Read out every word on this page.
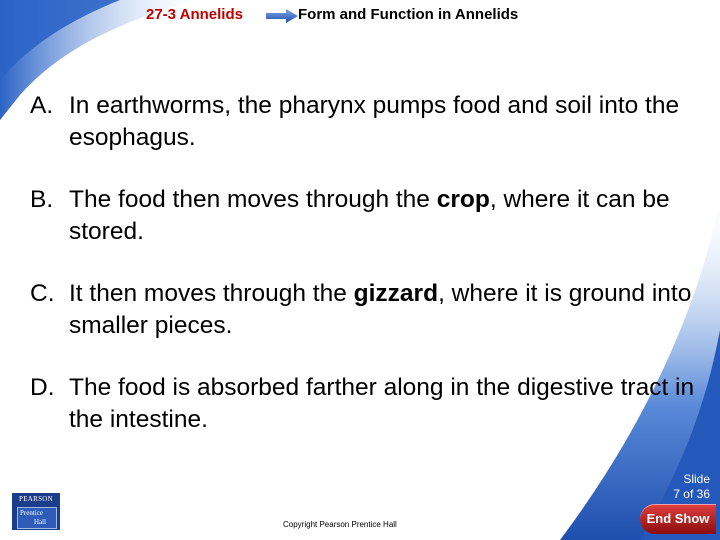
27-3 Annelids	Form and Function in Annelids
A. In earthworms, the pharynx pumps food and soil into the esophagus.
B. The food then moves through the crop, where it can be stored.
C. It then moves through the gizzard, where it is ground into smaller pieces.
D. The food is absorbed farther along in the digestive tract in the intestine.
Slide
7 of 36
PEARSON
Prentice
Hall	Copyright Pearson Prentice Hall	End Show
